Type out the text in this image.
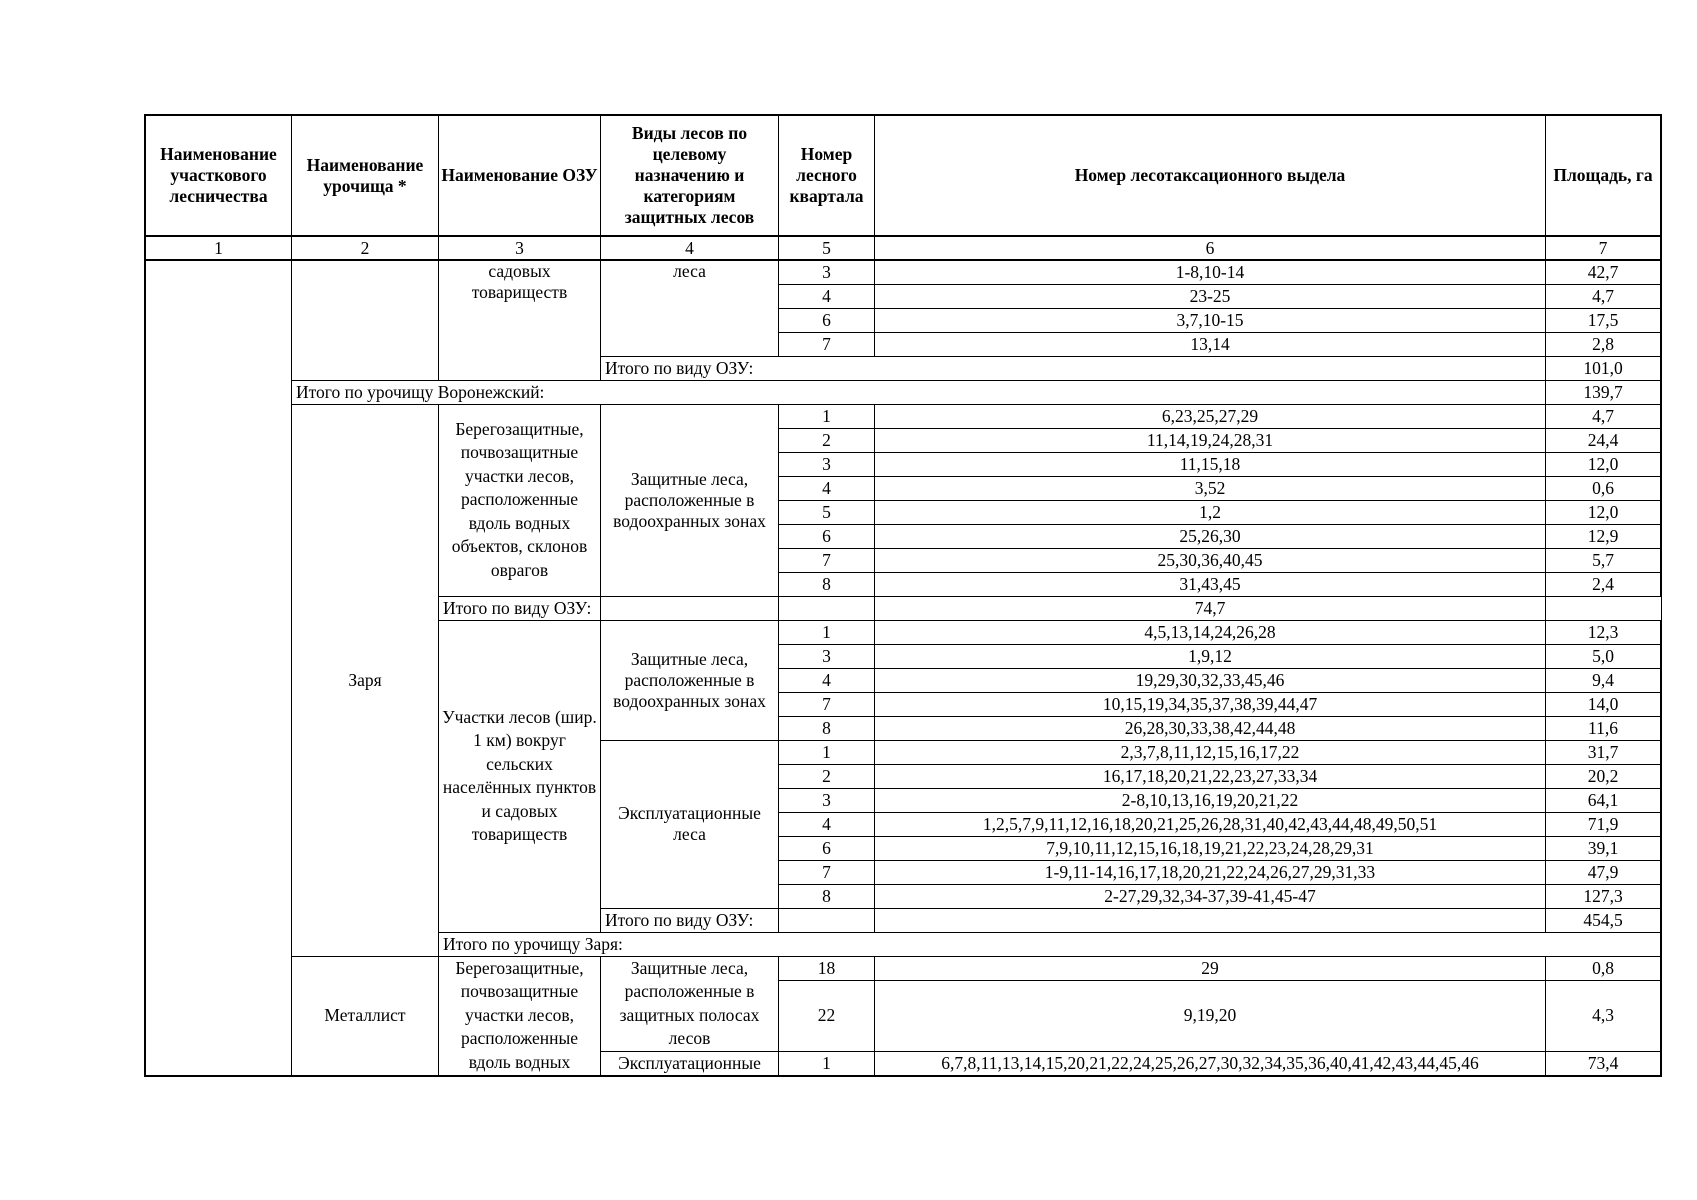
Наименование участкового лесничества	Наименование урочища *	Наименование ОЗУ	Виды лесов по целевому назначению и категориям защитных лесов	Номер лесного квартала	Номер лесотаксационного выдела	Площадь, га	
1	2	3	4	5	6	7	
		садовых товариществ	леса	3	1-8,10-14	42,7	
				4	23-25	4,7	
				6	3,7,10-15	17,5	
				7	13,14	2,8	
			Итого по виду ОЗУ:			101,0	
	Итого по урочищу Воронежский:					139,7	
	Заря	Берегозащитные, почвозащитные участки лесов, расположенные вдоль водных объектов, склонов оврагов	Защитные леса, расположенные в водоохранных зонах	1	6,23,25,27,29	4,7	
				2	11,14,19,24,28,31	24,4	
				3	11,15,18	12,0	
				4	3,52	0,6	
				5	1,2	12,0	
				6	25,26,30	12,9	
				7	25,30,36,40,45	5,7	
				8	31,43,45	2,4	
		Итого по виду ОЗУ:			74,7		
		Участки лесов (шир. 1 км) вокруг сельских населённых пунктов и садовых товариществ	Защитные леса, расположенные в водоохранных зонах	1	4,5,13,14,24,26,28	12,3	
				3	1,9,12	5,0	
				4	19,29,30,32,33,45,46	9,4	
				7	10,15,19,34,35,37,38,39,44,47	14,0	
				8	26,28,30,33,38,42,44,48	11,6	
			Эксплуатационные леса	1	2,3,7,8,11,12,15,16,17,22	31,7	
				2	16,17,18,20,21,22,23,27,33,34	20,2	
				3	2-8,10,13,16,19,20,21,22	64,1	
				4	1,2,5,7,9,11,12,16,18,20,21,25,26,28,31,40,42,43,44,48,49,50,51	71,9	
				6	7,9,10,11,12,15,16,18,19,21,22,23,24,28,29,31	39,1	
				7	1-9,11-14,16,17,18,20,21,22,24,26,27,29,31,33	47,9	
				8	2-27,29,32,34-37,39-41,45-47	127,3	
			Итого по виду ОЗУ:			454,5	
		Итого по урочищу Заря:	
	Металлист	Берегозащитные, почвозащитные участки лесов, расположенные вдоль водных	Защитные леса, расположенные в защитных полосах лесов	18	29	0,8	
				22	9,19,20	4,3	
			Эксплуатационные	1	6,7,8,11,13,14,15,20,21,22,24,25,26,27,30,32,34,35,36,40,41,42,43,44,45,46	73,4	
